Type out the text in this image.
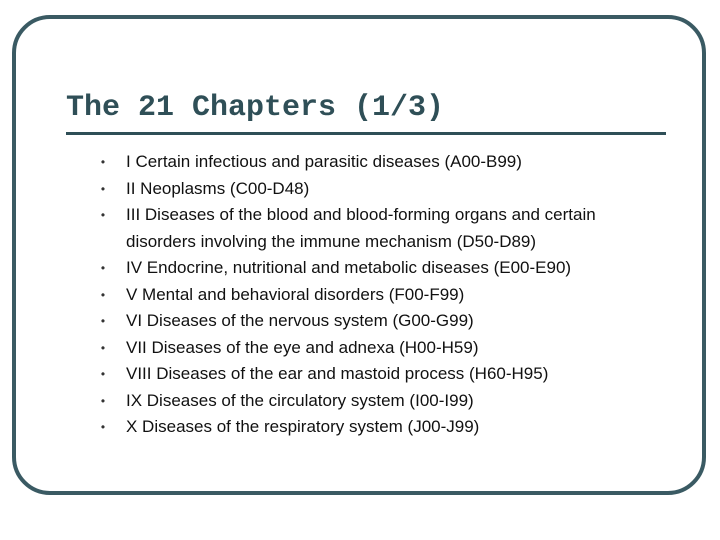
The 21 Chapters (1/3)
• I Certain infectious and parasitic diseases (A00-B99)
• II Neoplasms (C00-D48)
• III Diseases of the blood and blood-forming organs and certain
disorders involving the immune mechanism (D50-D89)
• IV Endocrine, nutritional and metabolic diseases (E00-E90)
• V Mental and behavioral disorders (F00-F99)
• VI Diseases of the nervous system (G00-G99)
• VII Diseases of the eye and adnexa (H00-H59)
• VIII Diseases of the ear and mastoid process (H60-H95)
• IX Diseases of the circulatory system (I00-I99)
• X Diseases of the respiratory system (J00-J99)
